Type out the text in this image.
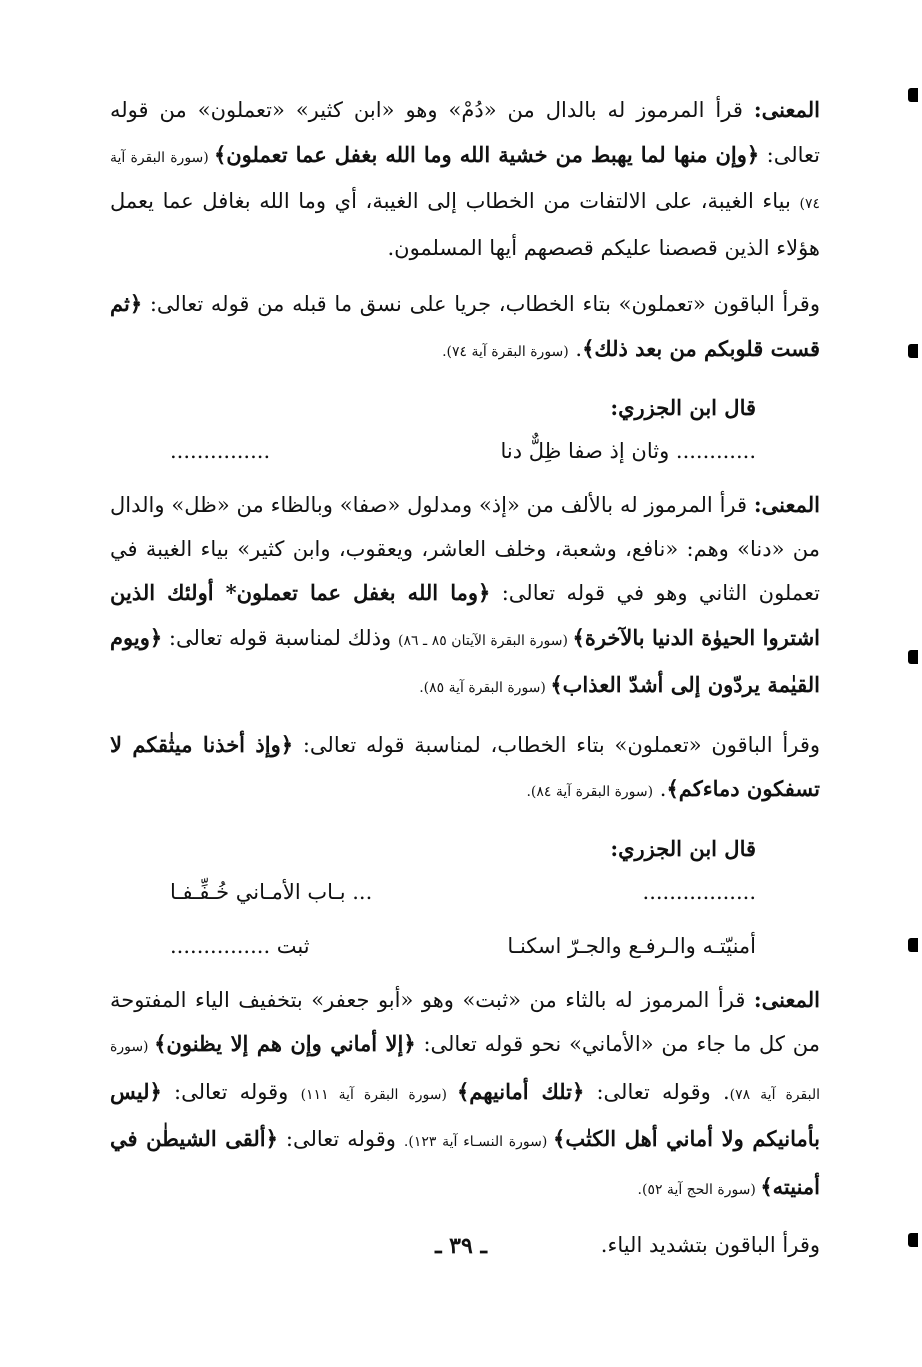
المعنى: قرأ المرموز له بالدال من «دُمْ» وهو «ابن كثير» «تعملون» من قوله تعالى: ﴿وإن منها لما يهبط من خشية الله وما الله بغفل عما تعملون﴾ (سورة البقرة آية ٧٤) بياء الغيبة، على الالتفات من الخطاب إلى الغيبة، أي وما الله بغافل عما يعمل هؤلاء الذين قصصنا عليكم قصصهم أيها المسلمون.

وقرأ الباقون «تعملون» بتاء الخطاب، جريا على نسق ما قبله من قوله تعالى: ﴿ثم قست قلوبكم من بعد ذلك﴾. (سورة البقرة آية ٧٤).

قال ابن الجزري:

............ وثان إذ صفا ظِلٌّ دنا
...............

المعنى: قرأ المرموز له بالألف من «إذ» ومدلول «صفا» وبالظاء من «ظل» والدال من «دنا» وهم: «نافع، وشعبة، وخلف العاشر، ويعقوب، وابن كثير» بياء الغيبة في تعملون الثاني وهو في قوله تعالى: ﴿وما الله بغفل عما تعملون* أولئك الذين اشتروا الحيوٰة الدنيا بالآخرة﴾ (سورة البقرة الآيتان ٨٥ ـ ٨٦) وذلك لمناسبة قوله تعالى: ﴿ويوم القيٰمة يردّون إلى أشدّ العذاب﴾ (سورة البقرة آية ٨٥).

وقرأ الباقون «تعملون» بتاء الخطاب، لمناسبة قوله تعالى: ﴿وإذ أخذنا ميثٰقكم لا تسفكون دماءكم﴾. (سورة البقرة آية ٨٤).

قال ابن الجزري:

.................
... بـاب الأمـاني خُـفِّـفـا
أمنيّتـه والـرفـع والجـرّ اسكنـا
ثبت ...............

المعنى: قرأ المرموز له بالثاء من «ثبت» وهو «أبو جعفر» بتخفيف الياء المفتوحة من كل ما جاء من «الأماني» نحو قوله تعالى: ﴿إلا أماني وإن هم إلا يظنون﴾ (سورة البقرة آية ٧٨). وقوله تعالى: ﴿تلك أمانيهم﴾ (سورة البقرة آية ١١١) وقوله تعالى: ﴿ليس بأمانيكم ولا أماني أهل الكتٰب﴾ (سورة النسـاء آية ١٢٣). وقوله تعالى: ﴿ألقى الشيطٰن في أمنيته﴾ (سورة الحج آية ٥٢).

وقرأ الباقون بتشديد الياء.

ـ ٣٩ ـ
